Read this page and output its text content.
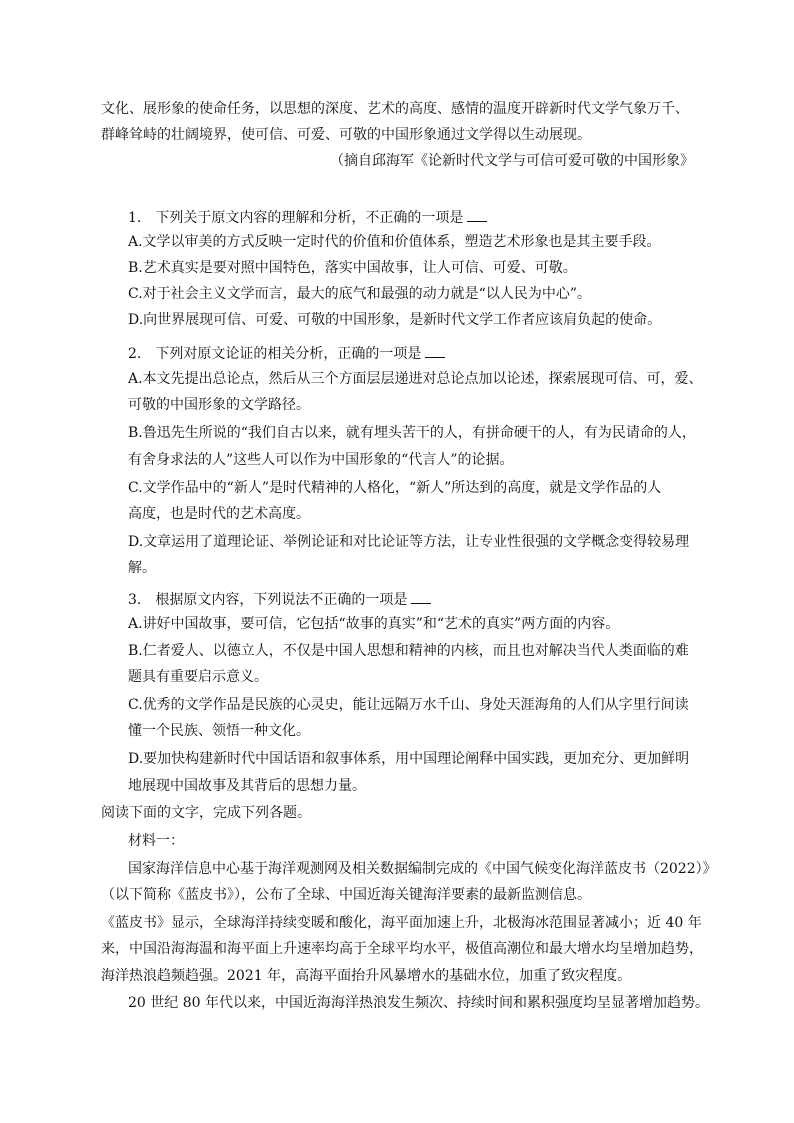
文化、展形象的使命任务，以思想的深度、艺术的高度、感情的温度开辟新时代文学气象万千、
群峰耸峙的壮阔境界，使可信、可爱、可敬的中国形象通过文学得以生动展现。
（摘自邱海军《论新时代文学与可信可爱可敬的中国形象》
1.　下列关于原文内容的理解和分析，不正确的一项是
A.文学以审美的方式反映一定时代的价值和价值体系，塑造艺术形象也是其主要手段。
B.艺术真实是要对照中国特色，落实中国故事，让人可信、可爱、可敬。
C.对于社会主义文学而言，最大的底气和最强的动力就是“以人民为中心”。
D.向世界展现可信、可爱、可敬的中国形象，是新时代文学工作者应该肩负起的使命。
2.　下列对原文论证的相关分析，正确的一项是
A.本文先提出总论点，然后从三个方面层层递进对总论点加以论述，探索展现可信、可，爱、
可敬的中国形象的文学路径。
B.鲁迅先生所说的“我们自古以来，就有埋头苦干的人，有拼命硬干的人，有为民请命的人，
有舍身求法的人”这些人可以作为中国形象的“代言人”的论据。
C.文学作品中的“新人”是时代精神的人格化，“新人”所达到的高度，就是文学作品的人
高度，也是时代的艺术高度。
D.文章运用了道理论证、举例论证和对比论证等方法，让专业性很强的文学概念变得较易理
解。
3.　根据原文内容，下列说法不正确的一项是
A.讲好中国故事，要可信，它包括“故事的真实”和“艺术的真实”两方面的内容。
B.仁者爱人、以德立人，不仅是中国人思想和精神的内核，而且也对解决当代人类面临的难
题具有重要启示意义。
C.优秀的文学作品是民族的心灵史，能让远隔万水千山、身处天涯海角的人们从字里行间读
懂一个民族、领悟一种文化。
D.要加快构建新时代中国话语和叙事体系，用中国理论阐释中国实践，更加充分、更加鲜明
地展现中国故事及其背后的思想力量。
阅读下面的文字，完成下列各题。
材料一：
国家海洋信息中心基于海洋观测网及相关数据编制完成的《中国气候变化海洋蓝皮书（2022）》
（以下简称《蓝皮书》），公布了全球、中国近海关键海洋要素的最新监测信息。
《蓝皮书》显示，全球海洋持续变暖和酸化，海平面加速上升，北极海冰范围显著减小；近 40 年
来，中国沿海海温和海平面上升速率均高于全球平均水平，极值高潮位和最大增水均呈增加趋势，
海洋热浪趋频趋强。2021 年，高海平面抬升风暴增水的基础水位，加重了致灾程度。
20 世纪 80 年代以来，中国近海海洋热浪发生频次、持续时间和累积强度均呈显著增加趋势。
